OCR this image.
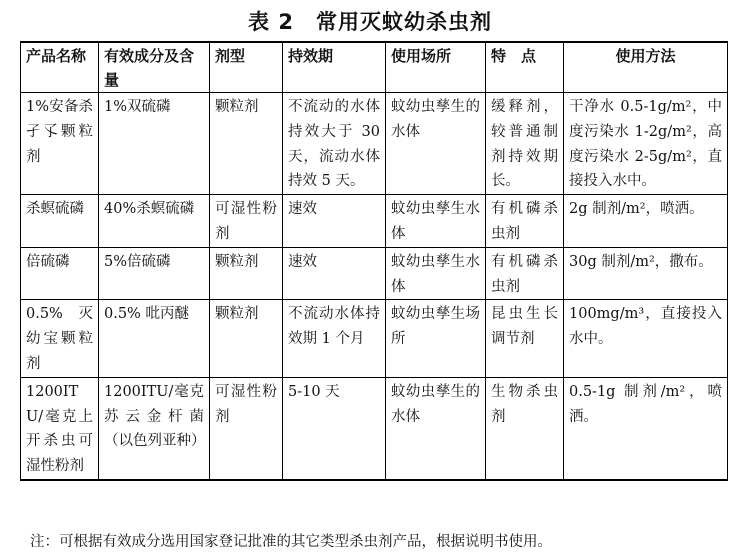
表 2　常用灭蚊幼杀虫剂
产品名称	有效成分及含量	剂型	持效期	使用场所	特　点	使用方法
1%安备杀孑孓颗粒剂	1%双硫磷	颗粒剂	不流动的水体持效大于 30 天，流动水体持效 5 天。	蚊幼虫孳生的水体	缓释剂，较普通制剂持效期长。	干净水 0.5-1g/m²，中度污染水 1-2g/m²，高度污染水 2-5g/m²，直接投入水中。
杀螟硫磷	40%杀螟硫磷	可湿性粉剂	速效	蚊幼虫孳生水体	有机磷杀虫剂	2g 制剂/m²，喷洒。
倍硫磷	5%倍硫磷	颗粒剂	速效	蚊幼虫孳生水体	有机磷杀虫剂	30g 制剂/m²，撒布。
0.5% 灭幼宝颗粒剂	0.5% 吡丙醚	颗粒剂	不流动水体持效期 1 个月	蚊幼虫孳生场所	昆虫生长调节剂	100mg/m³，直接投入水中。
1200ITU/毫克上开杀虫可湿性粉剂	1200ITU/毫克苏云金杆菌（以色列亚种）	可湿性粉剂	5-10 天	蚊幼虫孳生的水体	生物杀虫剂	0.5-1g 制剂/m²，喷洒。
注：可根据有效成分选用国家登记批准的其它类型杀虫剂产品，根据说明书使用。
